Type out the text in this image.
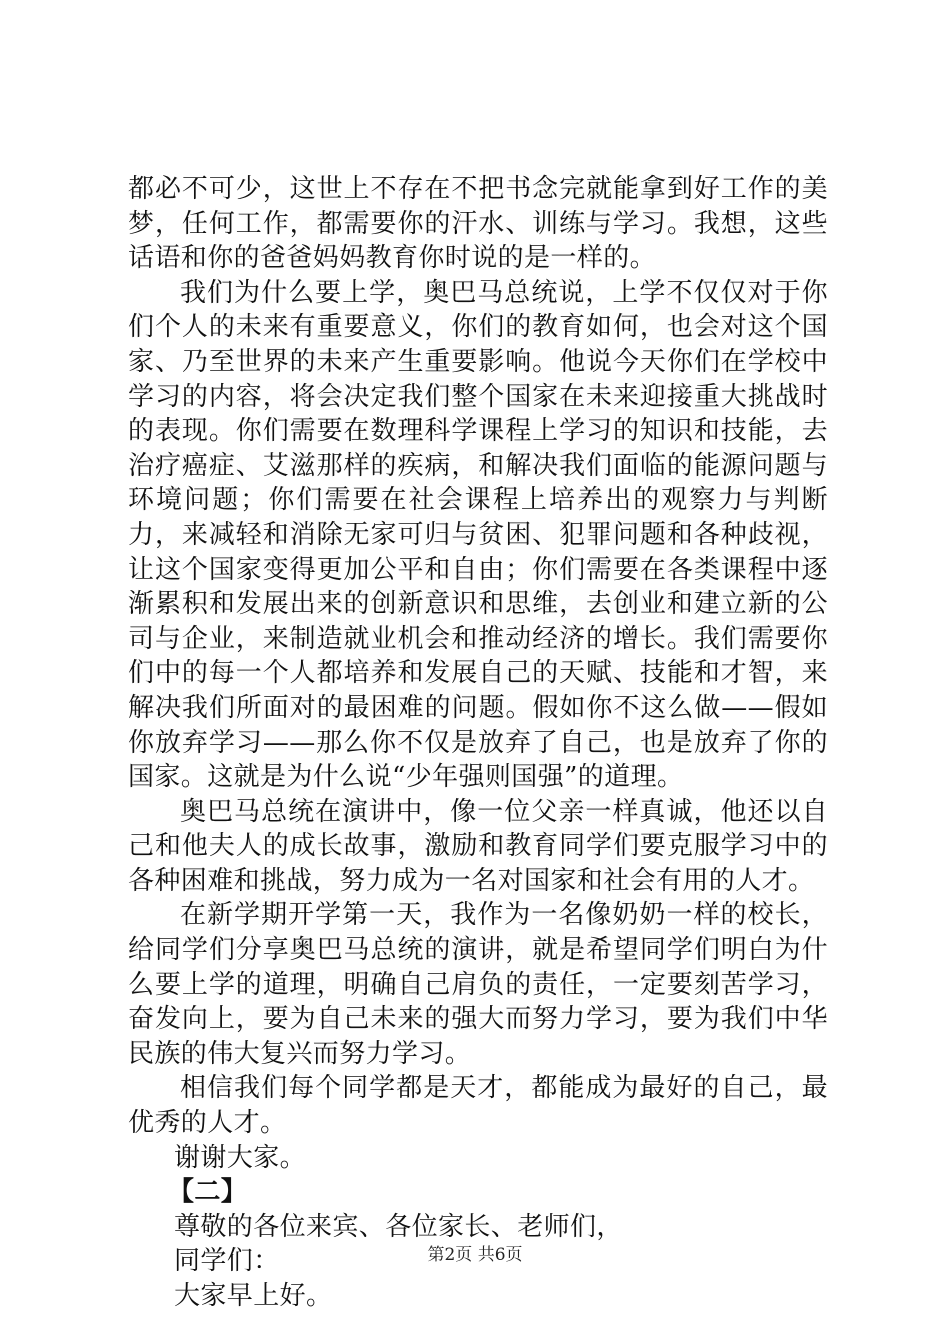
都必不可少，这世上不存在不把书念完就能拿到好工作的美梦，任何工作，都需要你的汗水、训练与学习。我想，这些话语和你的爸爸妈妈教育你时说的是一样的。

我们为什么要上学，奥巴马总统说，上学不仅仅对于你们个人的未来有重要意义，你们的教育如何，也会对这个国家、乃至世界的未来产生重要影响。他说今天你们在学校中学习的内容，将会决定我们整个国家在未来迎接重大挑战时的表现。你们需要在数理科学课程上学习的知识和技能，去治疗癌症、艾滋那样的疾病，和解决我们面临的能源问题与环境问题；你们需要在社会课程上培养出的观察力与判断力，来减轻和消除无家可归与贫困、犯罪问题和各种歧视，让这个国家变得更加公平和自由；你们需要在各类课程中逐渐累积和发展出来的创新意识和思维，去创业和建立新的公司与企业，来制造就业机会和推动经济的增长。我们需要你们中的每一个人都培养和发展自己的天赋、技能和才智，来解决我们所面对的最困难的问题。假如你不这么做——假如你放弃学习——那么你不仅是放弃了自己，也是放弃了你的国家。这就是为什么说“少年强则国强”的道理。

奥巴马总统在演讲中，像一位父亲一样真诚，他还以自己和他夫人的成长故事，激励和教育同学们要克服学习中的各种困难和挑战，努力成为一名对国家和社会有用的人才。

在新学期开学第一天，我作为一名像奶奶一样的校长，给同学们分享奥巴马总统的演讲，就是希望同学们明白为什么要上学的道理，明确自己肩负的责任，一定要刻苦学习，奋发向上，要为自己未来的强大而努力学习，要为我们中华民族的伟大复兴而努力学习。

相信我们每个同学都是天才，都能成为最好的自己，最优秀的人才。

谢谢大家。

【二】

尊敬的各位来宾、各位家长、老师们，

同学们：

大家早上好。

第2页 共6页
